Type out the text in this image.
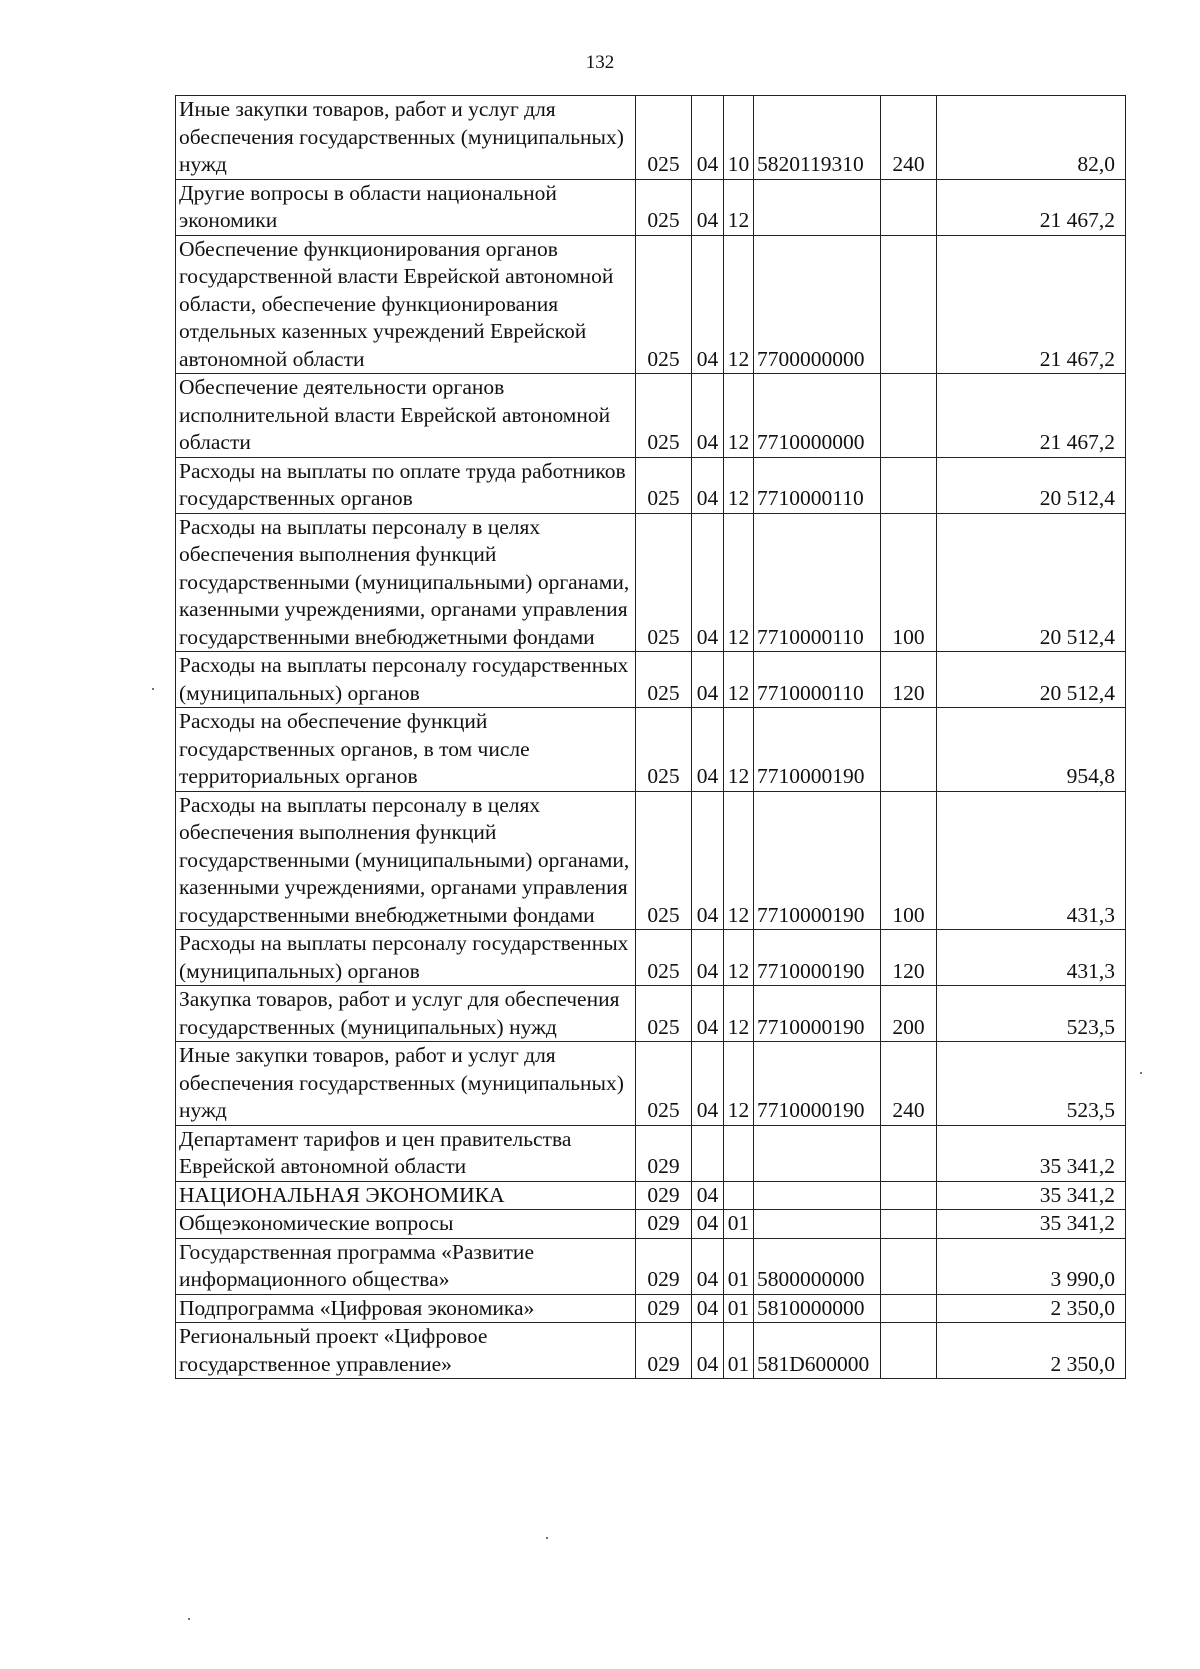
132
Иные закупки товаров, работ и услуг для обеспечения государственных (муниципальных) нужд	025	04	10	5820119310	240	82,0
Другие вопросы в области национальной экономики	025	04	12			21 467,2
Обеспечение функционирования органов государственной власти Еврейской автономной области, обеспечение функционирования отдельных казенных учреждений Еврейской автономной области	025	04	12	7700000000		21 467,2
Обеспечение деятельности органов исполнительной власти Еврейской автономной области	025	04	12	7710000000		21 467,2
Расходы на выплаты по оплате труда работников государственных органов	025	04	12	7710000110		20 512,4
Расходы на выплаты персоналу в целях обеспечения выполнения функций государственными (муниципальными) органами, казенными учреждениями, органами управления государственными внебюджетными фондами	025	04	12	7710000110	100	20 512,4
Расходы на выплаты персоналу государственных (муниципальных) органов	025	04	12	7710000110	120	20 512,4
Расходы на обеспечение функций государственных органов, в том числе территориальных органов	025	04	12	7710000190		954,8
Расходы на выплаты персоналу в целях обеспечения выполнения функций государственными (муниципальными) органами, казенными учреждениями, органами управления государственными внебюджетными фондами	025	04	12	7710000190	100	431,3
Расходы на выплаты персоналу государственных (муниципальных) органов	025	04	12	7710000190	120	431,3
Закупка товаров, работ и услуг для обеспечения государственных (муниципальных) нужд	025	04	12	7710000190	200	523,5
Иные закупки товаров, работ и услуг для обеспечения государственных (муниципальных) нужд	025	04	12	7710000190	240	523,5
Департамент тарифов и цен правительства Еврейской автономной области	029					35 341,2
НАЦИОНАЛЬНАЯ ЭКОНОМИКА	029	04				35 341,2
Общеэкономические вопросы	029	04	01			35 341,2
Государственная программа «Развитие информационного общества»	029	04	01	5800000000		3 990,0
Подпрограмма «Цифровая экономика»	029	04	01	5810000000		2 350,0
Региональный проект «Цифровое государственное управление»	029	04	01	581D600000		2 350,0
